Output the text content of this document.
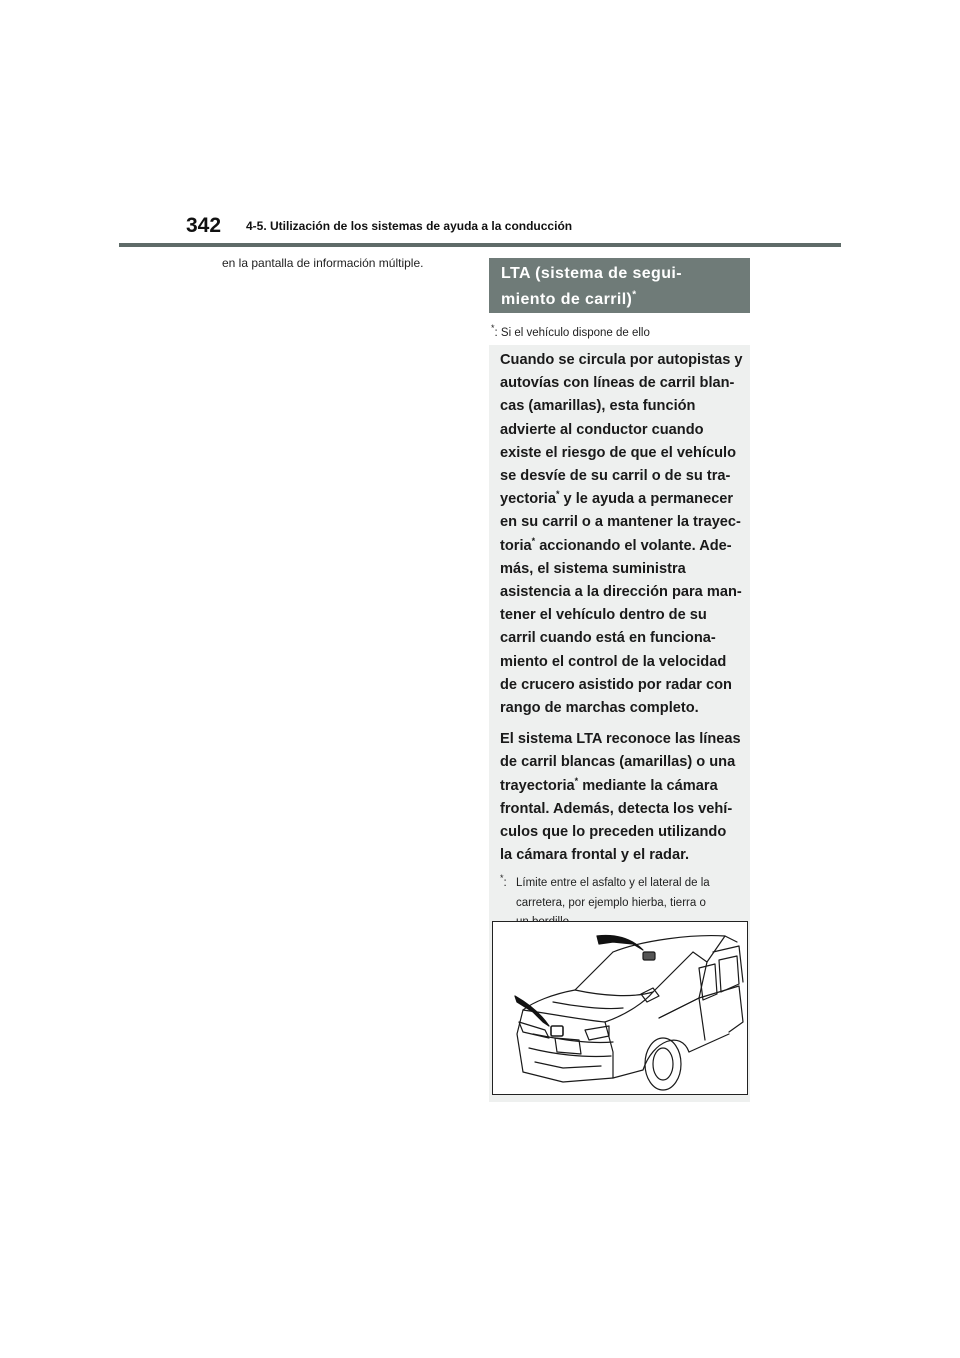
342 4-5. Utilización de los sistemas de ayuda a la conducción
en la pantalla de información múltiple.
LTA (sistema de segui-
miento de carril)*
*: Si el vehículo dispone de ello

Cuando se circula por autopistas y
autovías con líneas de carril blan-
cas (amarillas), esta función
advierte al conductor cuando
existe el riesgo de que el vehículo
se desvíe de su carril o de su tra-
yectoria* y le ayuda a permanecer
en su carril o a mantener la trayec-
toria* accionando el volante. Ade-
más, el sistema suministra
asistencia a la dirección para man-
tener el vehículo dentro de su
carril cuando está en funciona-
miento el control de la velocidad
de crucero asistido por radar con
rango de marchas completo.

El sistema LTA reconoce las líneas
de carril blancas (amarillas) o una
trayectoria* mediante la cámara
frontal. Además, detecta los vehí-
culos que lo preceden utilizando
la cámara frontal y el radar.

*: Límite entre el asfalto y el lateral de la
carretera, por ejemplo hierba, tierra o
